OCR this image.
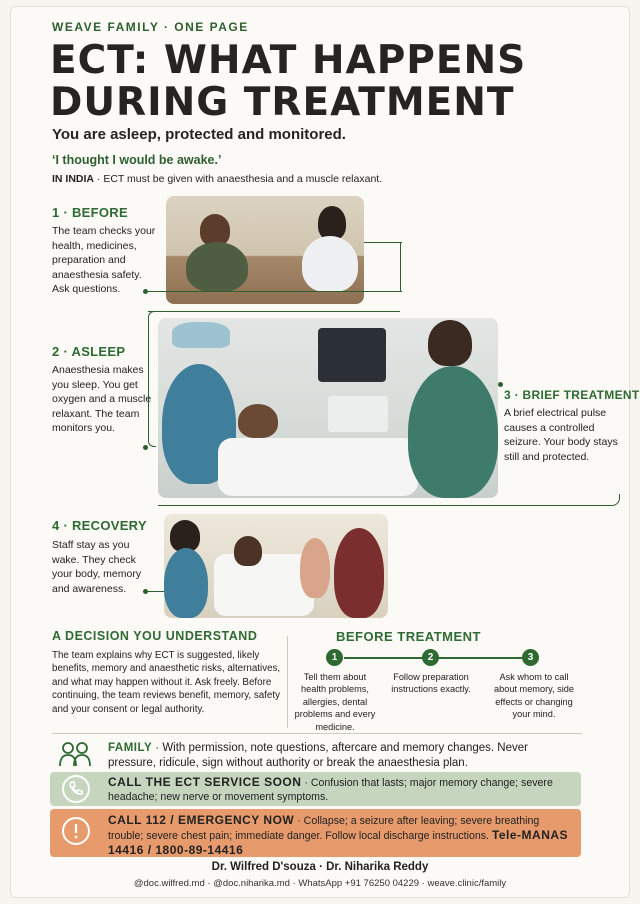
WEAVE FAMILY · ONE PAGE
ECT: WHAT HAPPENS
DURING TREATMENT
You are asleep, protected and monitored.
‘I thought I would be awake.’
IN INDIA · ECT must be given with anaesthesia and a muscle relaxant.
1 · BEFORE
The team checks your health, medicines, preparation and anaesthesia safety. Ask questions.
2 · ASLEEP
Anaesthesia makes you sleep. You get oxygen and a muscle relaxant. The team monitors you.
3 · BRIEF TREATMENT
A brief electrical pulse causes a controlled seizure. Your body stays still and protected.
4 · RECOVERY
Staff stay as you wake. They check your body, memory and awareness.
A DECISION YOU UNDERSTAND
The team explains why ECT is suggested, likely benefits, memory and anaesthetic risks, alternatives, and what may happen without it. Ask freely. Before continuing, the team reviews benefit, memory, safety and your consent or legal authority.
BEFORE TREATMENT
1	2	3
Tell them about health problems, allergies, dental problems and every medicine.
Follow preparation instructions exactly.
Ask whom to call about memory, side effects or changing your mind.
FAMILY · With permission, note questions, aftercare and memory changes. Never pressure, ridicule, sign without authority or break the anaesthesia plan.
CALL THE ECT SERVICE SOON · Confusion that lasts; major memory change; severe headache; new nerve or movement symptoms.
CALL 112 / EMERGENCY NOW · Collapse; a seizure after leaving; severe breathing trouble; severe chest pain; immediate danger. Follow local discharge instructions. Tele-MANAS 14416 / 1800-89-14416
Dr. Wilfred D'souza · Dr. Niharika Reddy
@doc.wilfred.md · @doc.niharika.md · WhatsApp +91 76250 04229 · weave.clinic/family
